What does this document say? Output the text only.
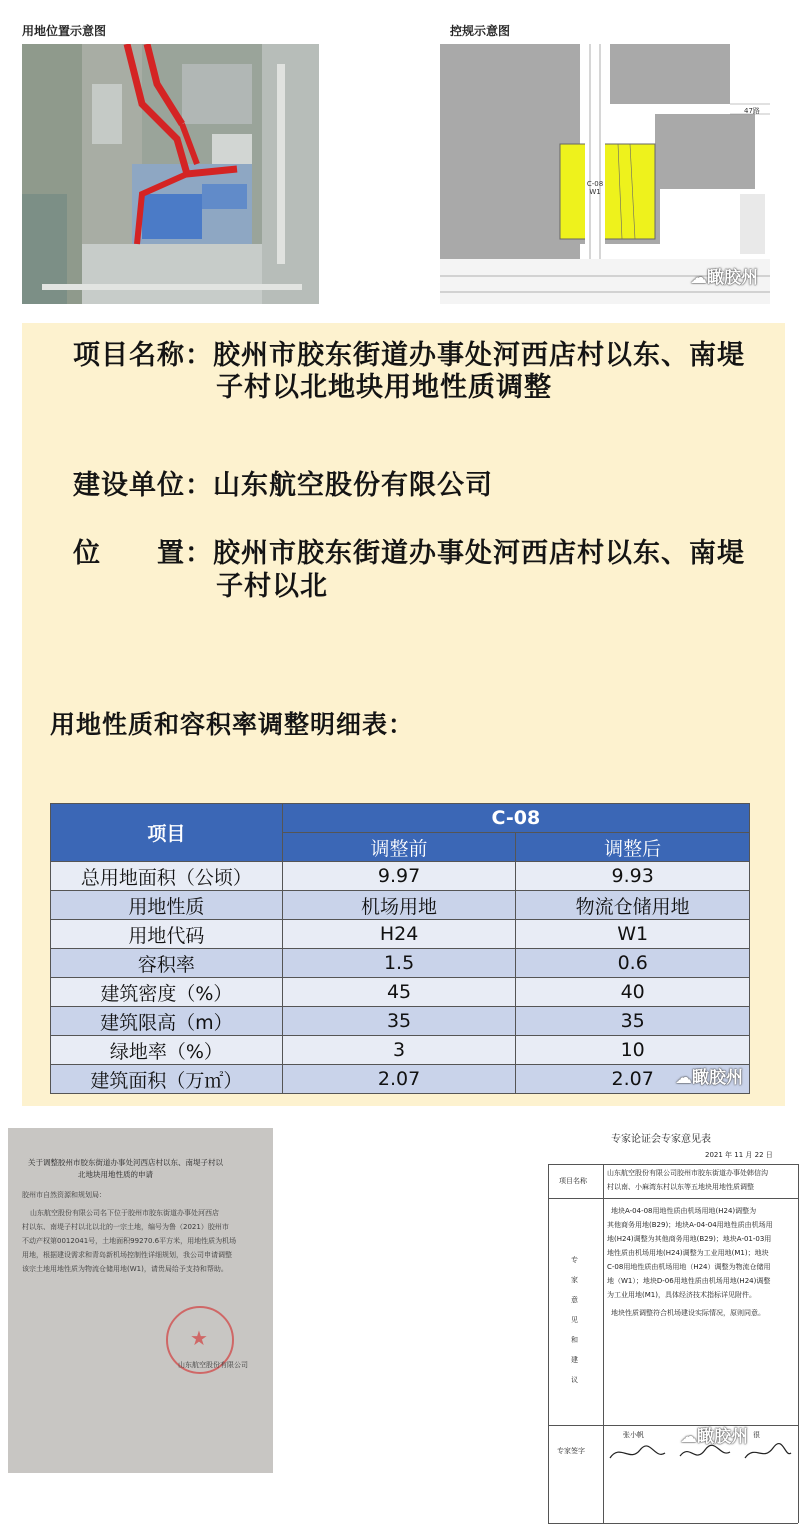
用地位置示意图	控规示意图
C-08
W1
47路
☁瞰胶州
项目名称：胶州市胶东街道办事处河西店村以东、南堤
子村以北地块用地性质调整
建设单位：山东航空股份有限公司
位　　置：胶州市胶东街道办事处河西店村以东、南堤
子村以北
用地性质和容积率调整明细表：
项目	C-08	
	调整前	调整后
总用地面积（公顷）	9.97	9.93
用地性质	机场用地	物流仓储用地
用地代码	H24	W1
容积率	1.5	0.6
建筑密度（%）	45	40
建筑限高（m）	35	35
绿地率（%）	3	10
建筑面积（万㎡）	2.07	2.07 ☁瞰胶州
关于调整胶州市胶东街道办事处河西店村以东、南堤子村以
北地块用地性质的申请
胶州市自然资源和规划局：
山东航空股份有限公司名下位于胶州市胶东街道办事处河西店
村以东、南堤子村以北以北的一宗土地，编号为鲁（2021）胶州市
不动产权第0012041号，土地面积99270.6平方米，用地性质为机场
用地，根据建设需求和青岛新机场控制性详细规划，我公司申请调整
该宗土地用地性质为物流仓储用地(W1)，请贵局给予支持和帮助。
★
山东航空股份有限公司
专家论证会专家意见表
2021 年 11 月 22 日
项目名称
山东航空股份有限公司胶州市胶东街道办事处韩信沟
村以南、小麻湾东村以东等五地块用地性质调整
专家意见和建议
地块A-04-08用地性质由机场用地(H24)调整为
其他商务用地(B29)；地块A-04-04用地性质由机场用
地(H24)调整为其他商务用地(B29)；地块A-01-03用
地性质由机场用地(H24)调整为工业用地(M1)；地块
C-08用地性质由机场用地（H24）调整为物流仓储用
地（W1）；地块D-06用地性质由机场用地(H24)调整
为工业用地(M1)，具体经济技术指标详见附件。
地块性质调整符合机场建设实际情况，原则同意。
专家签字
张小帆	很
☁瞰胶州
